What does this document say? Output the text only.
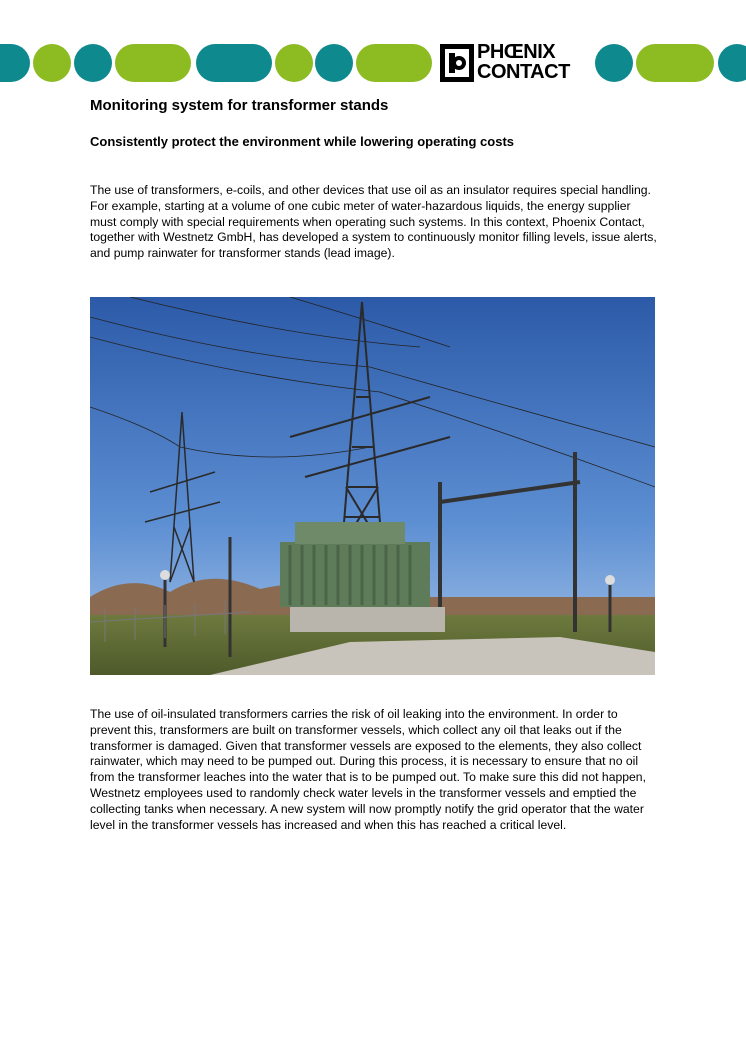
PHŒNIX
CONTACT
Monitoring system for transformer stands
Consistently protect the environment while lowering operating costs

The use of transformers, e-coils, and other devices that use oil as an insulator requires special handling. For example, starting at a volume of one cubic meter of water-hazardous liquids, the energy supplier must comply with special requirements when operating such systems. In this context, Phoenix Contact, together with Westnetz GmbH, has developed a system to continuously monitor filling levels, issue alerts, and pump rainwater for transformer stands (lead image).

The use of oil-insulated transformers carries the risk of oil leaking into the environment. In order to prevent this, transformers are built on transformer vessels, which collect any oil that leaks out if the transformer is damaged. Given that transformer vessels are exposed to the elements, they also collect rainwater, which may need to be pumped out. During this process, it is necessary to ensure that no oil from the transformer leaches into the water that is to be pumped out. To make sure this did not happen, Westnetz employees used to randomly check water levels in the transformer vessels and emptied the collecting tanks when necessary. A new system will now promptly notify the grid operator that the water level in the transformer vessels has increased and when this has reached a critical level.
